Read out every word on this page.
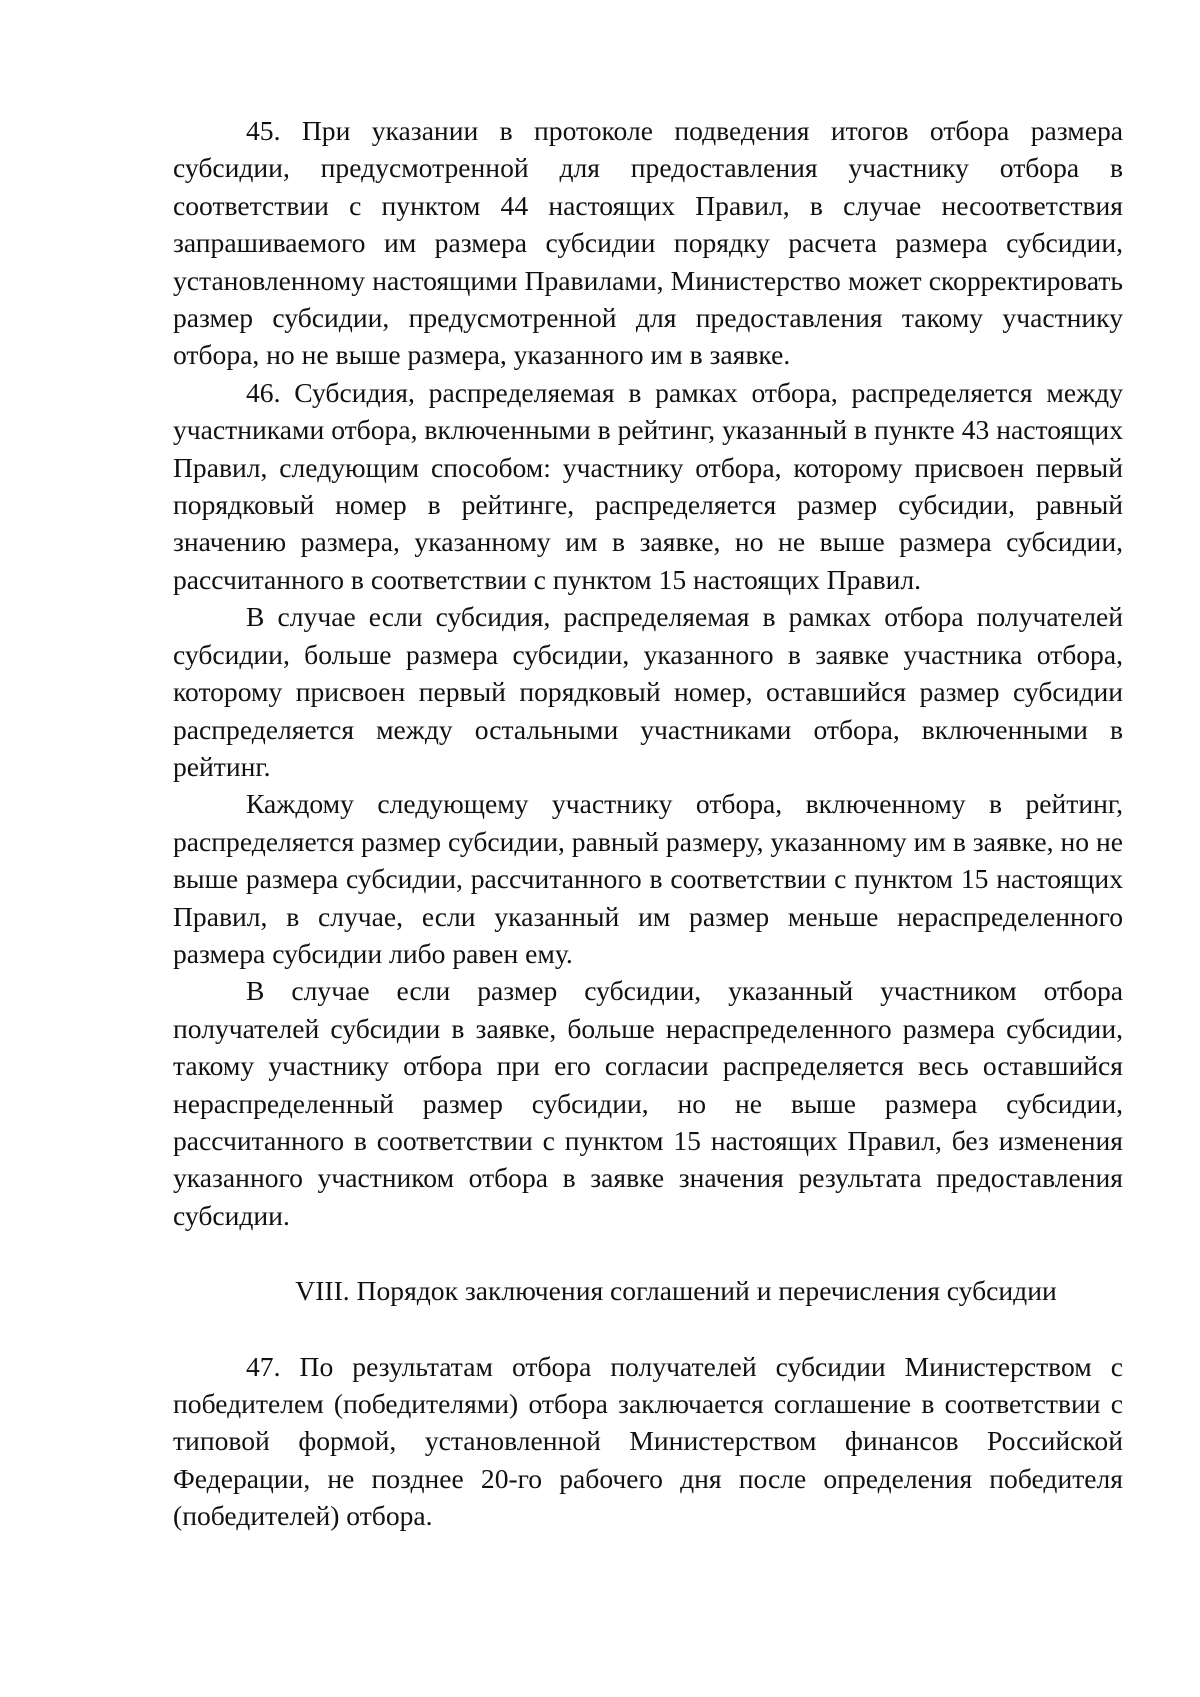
45. При указании в протоколе подведения итогов отбора размера субсидии, предусмотренной для предоставления участнику отбора в соответствии с пунктом 44 настоящих Правил, в случае несоответствия запрашиваемого им размера субсидии порядку расчета размера субсидии, установленному настоящими Правилами, Министерство может скорректировать размер субсидии, предусмотренной для предоставления такому участнику отбора, но не выше размера, указанного им в заявке.

46. Субсидия, распределяемая в рамках отбора, распределяется между участниками отбора, включенными в рейтинг, указанный в пункте 43 настоящих Правил, следующим способом: участнику отбора, которому присвоен первый порядковый номер в рейтинге, распределяется размер субсидии, равный значению размера, указанному им в заявке, но не выше размера субсидии, рассчитанного в соответствии с пунктом 15 настоящих Правил.

В случае если субсидия, распределяемая в рамках отбора получателей субсидии, больше размера субсидии, указанного в заявке участника отбора, которому присвоен первый порядковый номер, оставшийся размер субсидии распределяется между остальными участниками отбора, включенными в рейтинг.

Каждому следующему участнику отбора, включенному в рейтинг, распределяется размер субсидии, равный размеру, указанному им в заявке, но не выше размера субсидии, рассчитанного в соответствии с пунктом 15 настоящих Правил, в случае, если указанный им размер меньше нераспределенного размера субсидии либо равен ему.

В случае если размер субсидии, указанный участником отбора получателей субсидии в заявке, больше нераспределенного размера субсидии, такому участнику отбора при его согласии распределяется весь оставшийся нераспределенный размер субсидии, но не выше размера субсидии, рассчитанного в соответствии с пунктом 15 настоящих Правил, без изменения указанного участником отбора в заявке значения результата предоставления субсидии.

VIII. Порядок заключения соглашений и перечисления субсидии

47. По результатам отбора получателей субсидии Министерством с победителем (победителями) отбора заключается соглашение в соответствии с типовой формой, установленной Министерством финансов Российской Федерации, не позднее 20-го рабочего дня после определения победителя (победителей) отбора.
